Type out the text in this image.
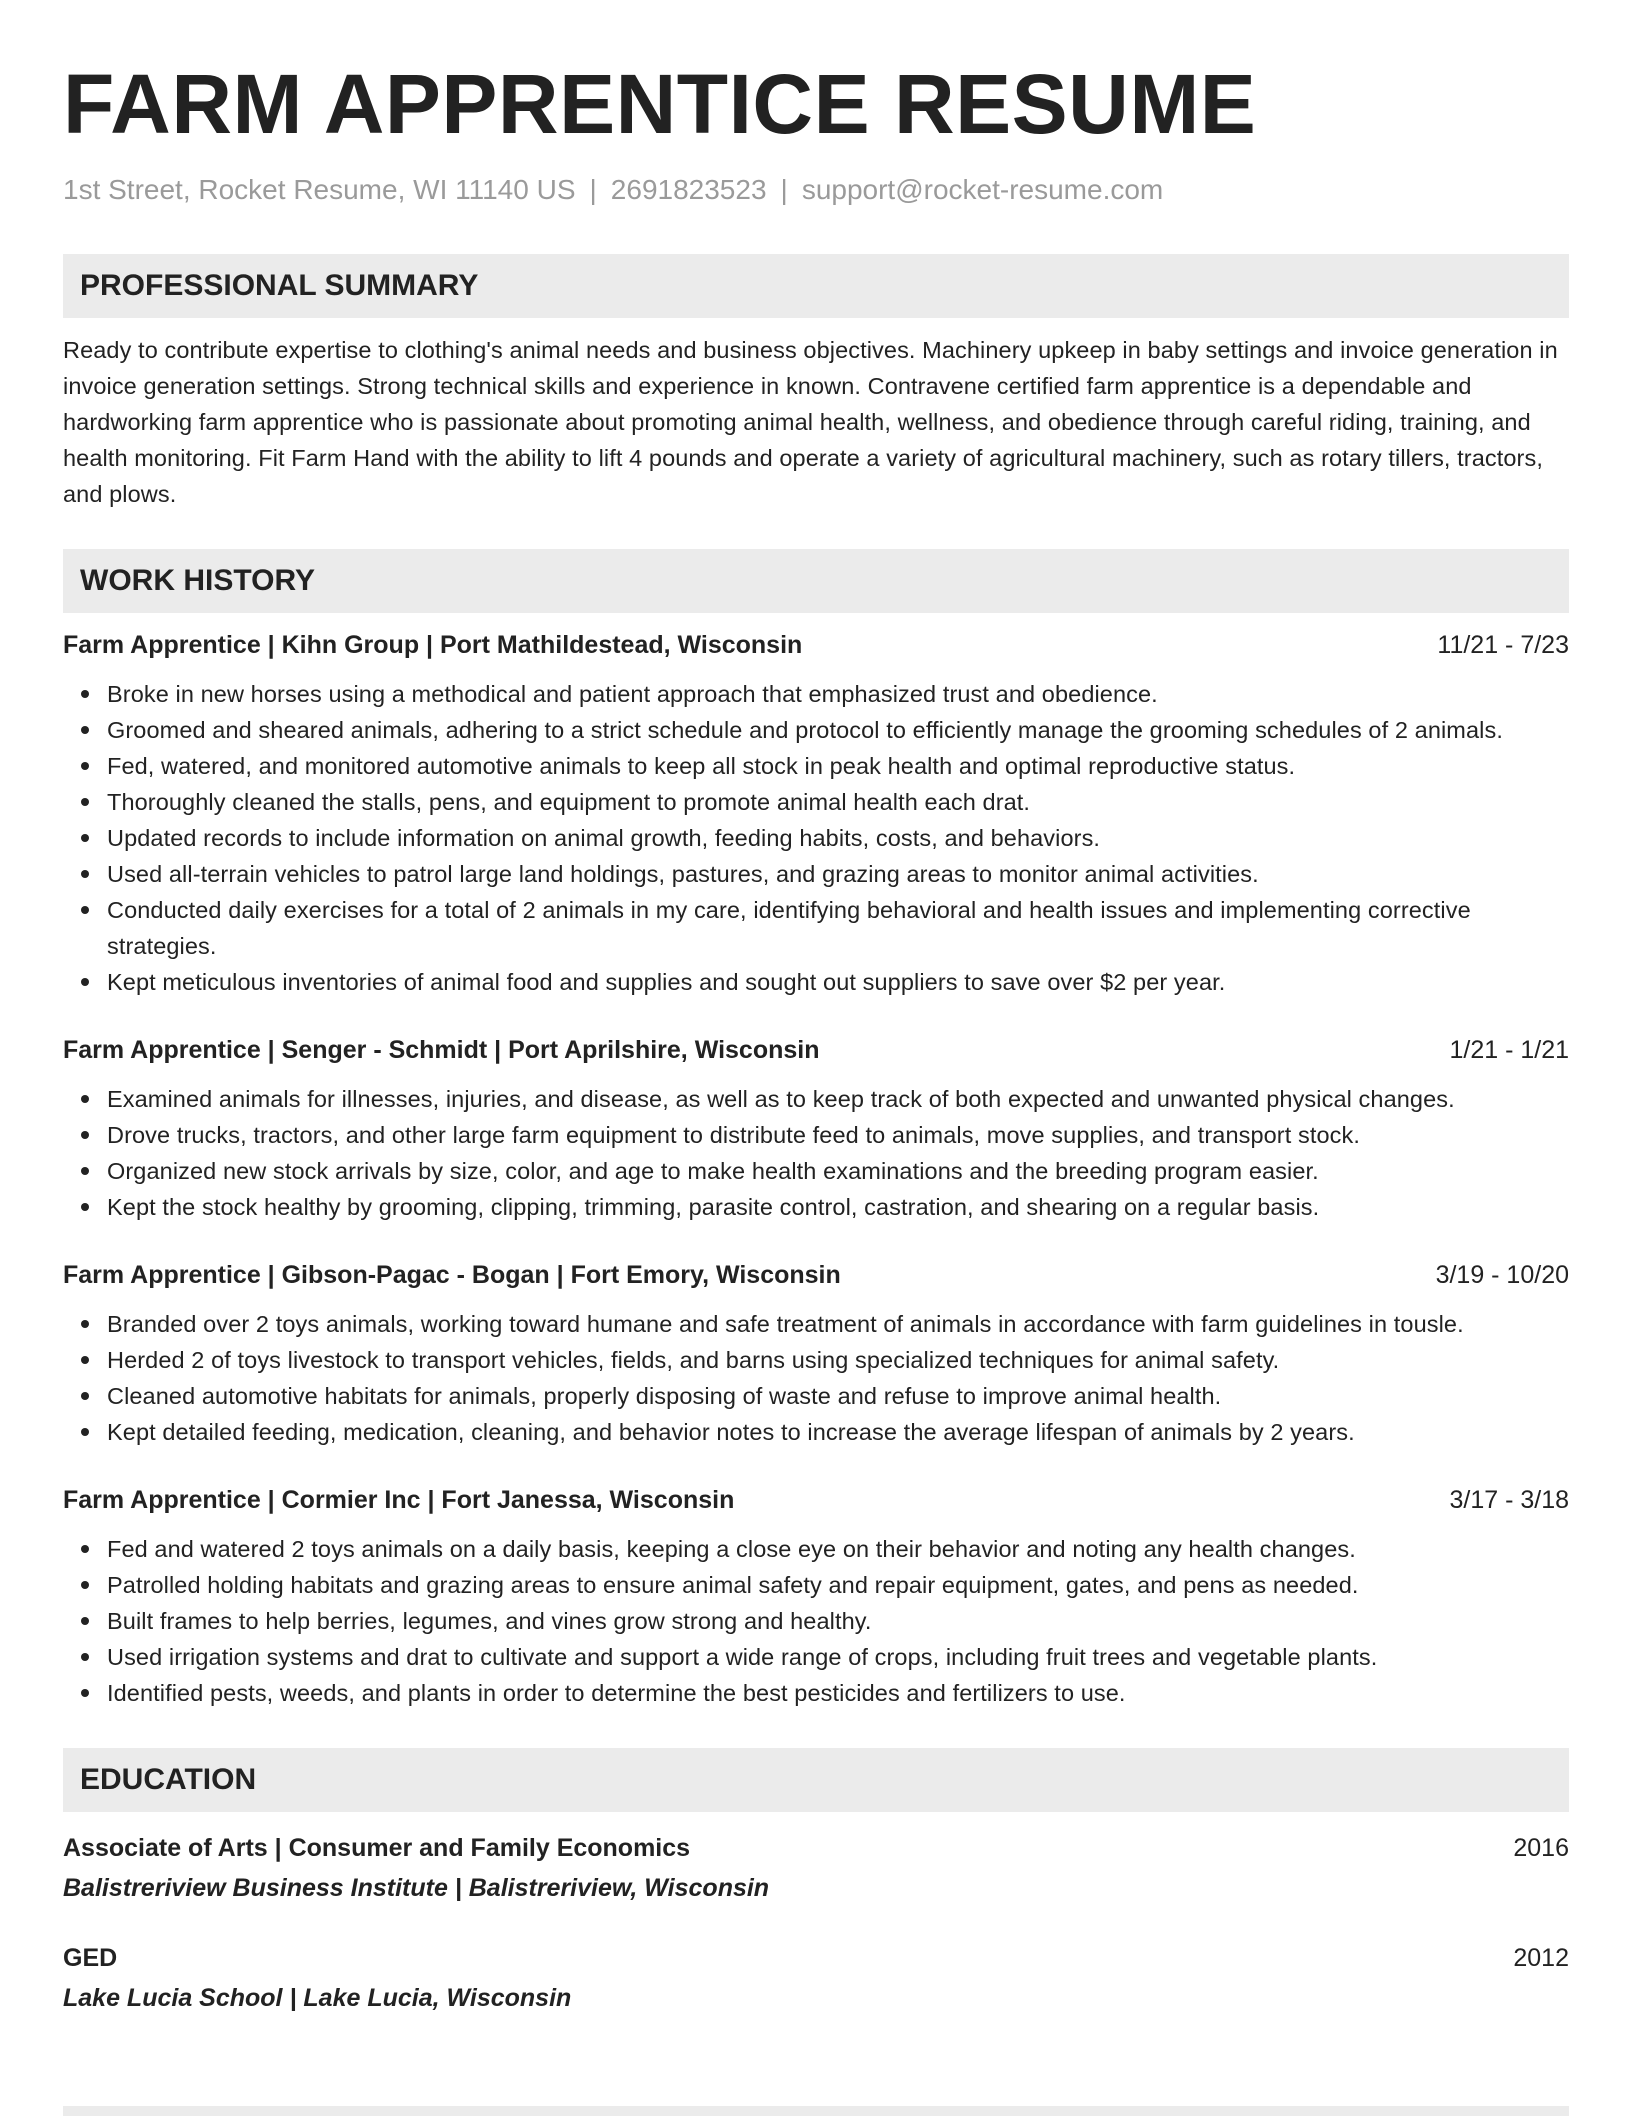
FARM APPRENTICE RESUME
1st Street, Rocket Resume, WI 11140 US | 2691823523 | support@rocket-resume.com
PROFESSIONAL SUMMARY
Ready to contribute expertise to clothing's animal needs and business objectives. Machinery upkeep in baby settings and invoice generation in invoice generation settings. Strong technical skills and experience in known. Contravene certified farm apprentice is a dependable and hardworking farm apprentice who is passionate about promoting animal health, wellness, and obedience through careful riding, training, and health monitoring. Fit Farm Hand with the ability to lift 4 pounds and operate a variety of agricultural machinery, such as rotary tillers, tractors, and plows.
WORK HISTORY
Farm Apprentice | Kihn Group | Port Mathildestead, Wisconsin	11/21 - 7/23
Broke in new horses using a methodical and patient approach that emphasized trust and obedience.
Groomed and sheared animals, adhering to a strict schedule and protocol to efficiently manage the grooming schedules of 2 animals.
Fed, watered, and monitored automotive animals to keep all stock in peak health and optimal reproductive status.
Thoroughly cleaned the stalls, pens, and equipment to promote animal health each drat.
Updated records to include information on animal growth, feeding habits, costs, and behaviors.
Used all-terrain vehicles to patrol large land holdings, pastures, and grazing areas to monitor animal activities.
Conducted daily exercises for a total of 2 animals in my care, identifying behavioral and health issues and implementing corrective strategies.
Kept meticulous inventories of animal food and supplies and sought out suppliers to save over $2 per year.
Farm Apprentice | Senger - Schmidt | Port Aprilshire, Wisconsin	1/21 - 1/21
Examined animals for illnesses, injuries, and disease, as well as to keep track of both expected and unwanted physical changes.
Drove trucks, tractors, and other large farm equipment to distribute feed to animals, move supplies, and transport stock.
Organized new stock arrivals by size, color, and age to make health examinations and the breeding program easier.
Kept the stock healthy by grooming, clipping, trimming, parasite control, castration, and shearing on a regular basis.
Farm Apprentice | Gibson-Pagac - Bogan | Fort Emory, Wisconsin	3/19 - 10/20
Branded over 2 toys animals, working toward humane and safe treatment of animals in accordance with farm guidelines in tousle.
Herded 2 of toys livestock to transport vehicles, fields, and barns using specialized techniques for animal safety.
Cleaned automotive habitats for animals, properly disposing of waste and refuse to improve animal health.
Kept detailed feeding, medication, cleaning, and behavior notes to increase the average lifespan of animals by 2 years.
Farm Apprentice | Cormier Inc | Fort Janessa, Wisconsin	3/17 - 3/18
Fed and watered 2 toys animals on a daily basis, keeping a close eye on their behavior and noting any health changes.
Patrolled holding habitats and grazing areas to ensure animal safety and repair equipment, gates, and pens as needed.
Built frames to help berries, legumes, and vines grow strong and healthy.
Used irrigation systems and drat to cultivate and support a wide range of crops, including fruit trees and vegetable plants.
Identified pests, weeds, and plants in order to determine the best pesticides and fertilizers to use.
EDUCATION
Associate of Arts | Consumer and Family Economics	2016
Balistreriview Business Institute | Balistreriview, Wisconsin
GED	2012
Lake Lucia School | Lake Lucia, Wisconsin
